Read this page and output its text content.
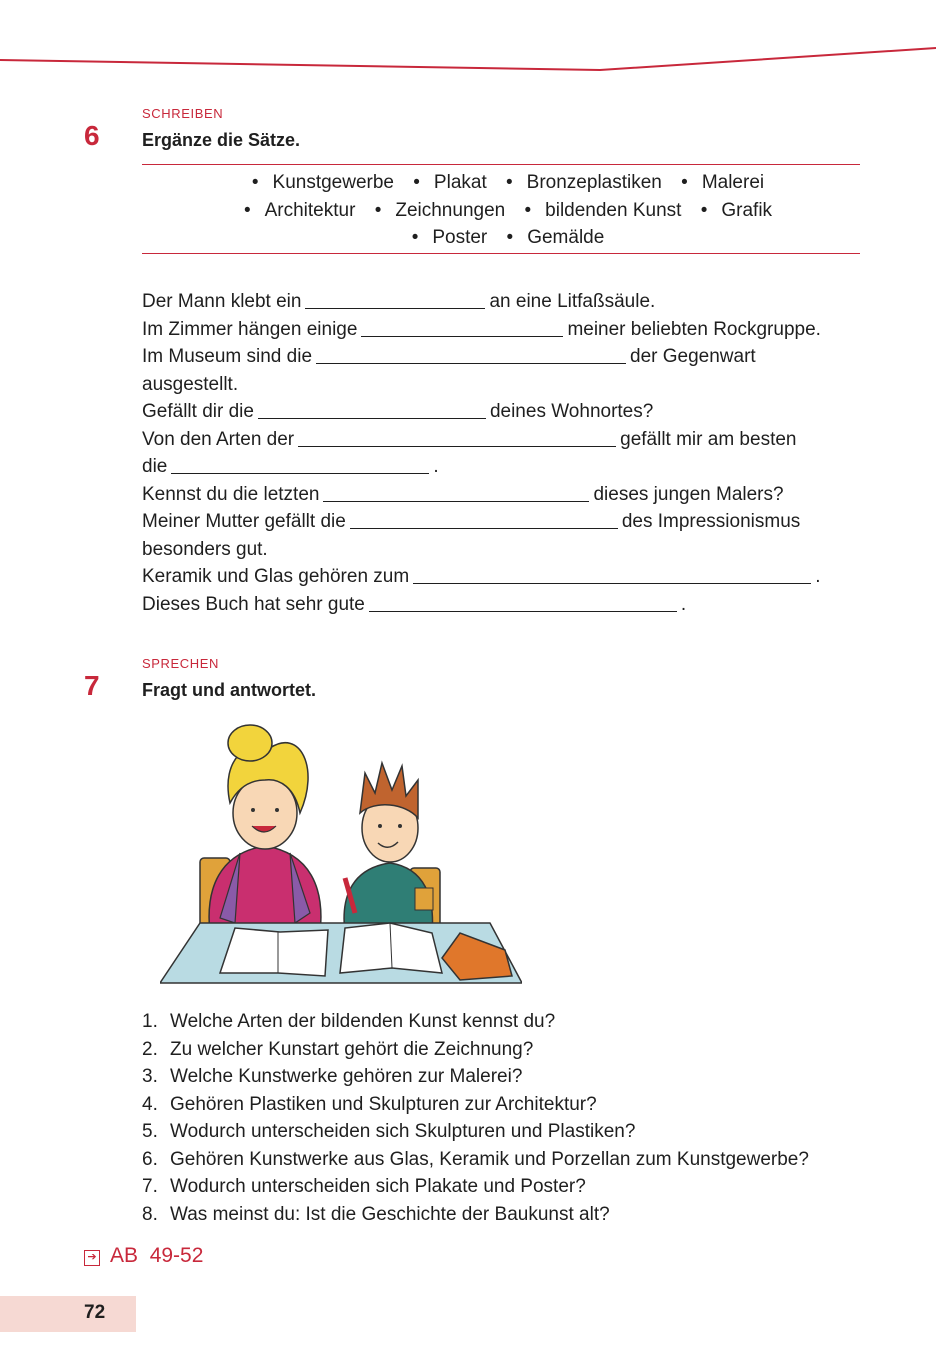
SCHREIBEN
6 Ergänze die Sätze.
• Kunstgewerbe • Plakat • Bronzeplastiken • Malerei
• Architektur • Zeichnungen • bildenden Kunst • Grafik
• Poster • Gemälde
Der Mann klebt ein	an eine Litfaßsäule.
Im Zimmer hängen einige	meiner beliebten Rockgruppe.
Im Museum sind die	der Gegenwart
ausgestellt.
Gefällt dir die	deines Wohnortes?
Von den Arten der	gefällt mir am besten
die	.
Kennst du die letzten	dieses jungen Malers?
Meiner Mutter gefällt die	des Impressionismus
besonders gut.
Keramik und Glas gehören zum	.
Dieses Buch hat sehr gute	.
SPRECHEN
7 Fragt und antwortet.
1. Welche Arten der bildenden Kunst kennst du?
2. Zu welcher Kunstart gehört die Zeichnung?
3. Welche Kunstwerke gehören zur Malerei?
4. Gehören Plastiken und Skulpturen zur Architektur?
5. Wodurch unterscheiden sich Skulpturen und Plastiken?
6. Gehören Kunstwerke aus Glas, Keramik und Porzellan zum Kunstgewerbe?
7. Wodurch unterscheiden sich Plakate und Poster?
8. Was meinst du: Ist die Geschichte der Baukunst alt?
➔ AB 49-52
72
